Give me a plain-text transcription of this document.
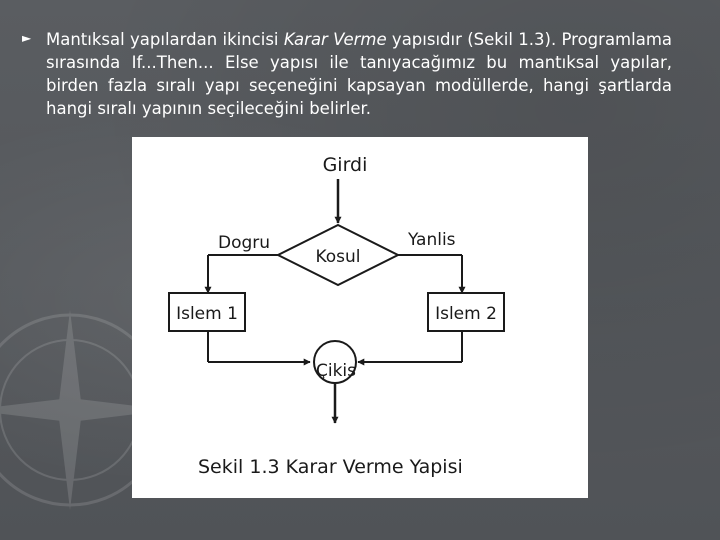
► Mantıksal yapılardan ikincisi Karar Verme yapısıdır (Sekil 1.3). Programlama sırasında If...Then... Else yapısı ile tanıyacağımız bu mantıksal yapılar, birden fazla sıralı yapı seçeneğini kapsayan modüllerde, hangi şartlarda hangi sıralı yapının seçileceğini belirler.
Girdi
Kosul
Dogru	Yanlis
Islem 1	Islem 2
Çikis
Sekil 1.3 Karar Verme Yapisi
